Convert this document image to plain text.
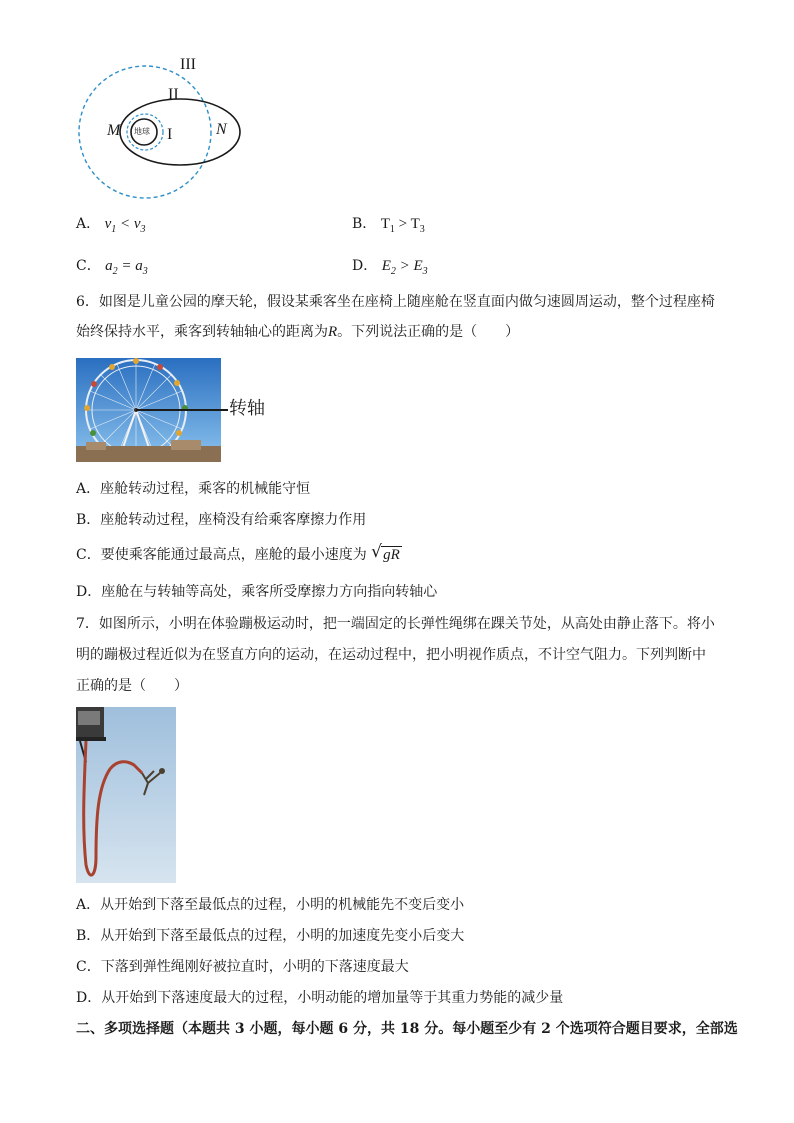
III
II
I
M	N
地球
A． $v_1 < v_3$	B． $T_1 > T_3$
C． $a_2 = a_3$	D． $E_2 > E_3$
6．如图是儿童公园的摩天轮，假设某乘客坐在座椅上随座舱在竖直面内做匀速圆周运动，整个过程座椅
始终保持水平，乘客到转轴轴心的距离为R。下列说法正确的是（　　）
转轴
A．座舱转动过程，乘客的机械能守恒
B．座舱转动过程，座椅没有给乘客摩擦力作用
C．要使乘客能通过最高点，座舱的最小速度为 √ gR
D．座舱在与转轴等高处，乘客所受摩擦力方向指向转轴心
7．如图所示，小明在体验蹦极运动时，把一端固定的长弹性绳绑在踝关节处，从高处由静止落下。将小
明的蹦极过程近似为在竖直方向的运动，在运动过程中，把小明视作质点，不计空气阻力。下列判断中
正确的是（　　）
A．从开始到下落至最低点的过程，小明的机械能先不变后变小
B．从开始到下落至最低点的过程，小明的加速度先变小后变大
C．下落到弹性绳刚好被拉直时，小明的下落速度最大
D．从开始到下落速度最大的过程，小明动能的增加量等于其重力势能的减少量
二、多项选择题（本题共 3 小题，每小题 6 分，共 18 分。每小题至少有 2 个选项符合题目要求，全部选
